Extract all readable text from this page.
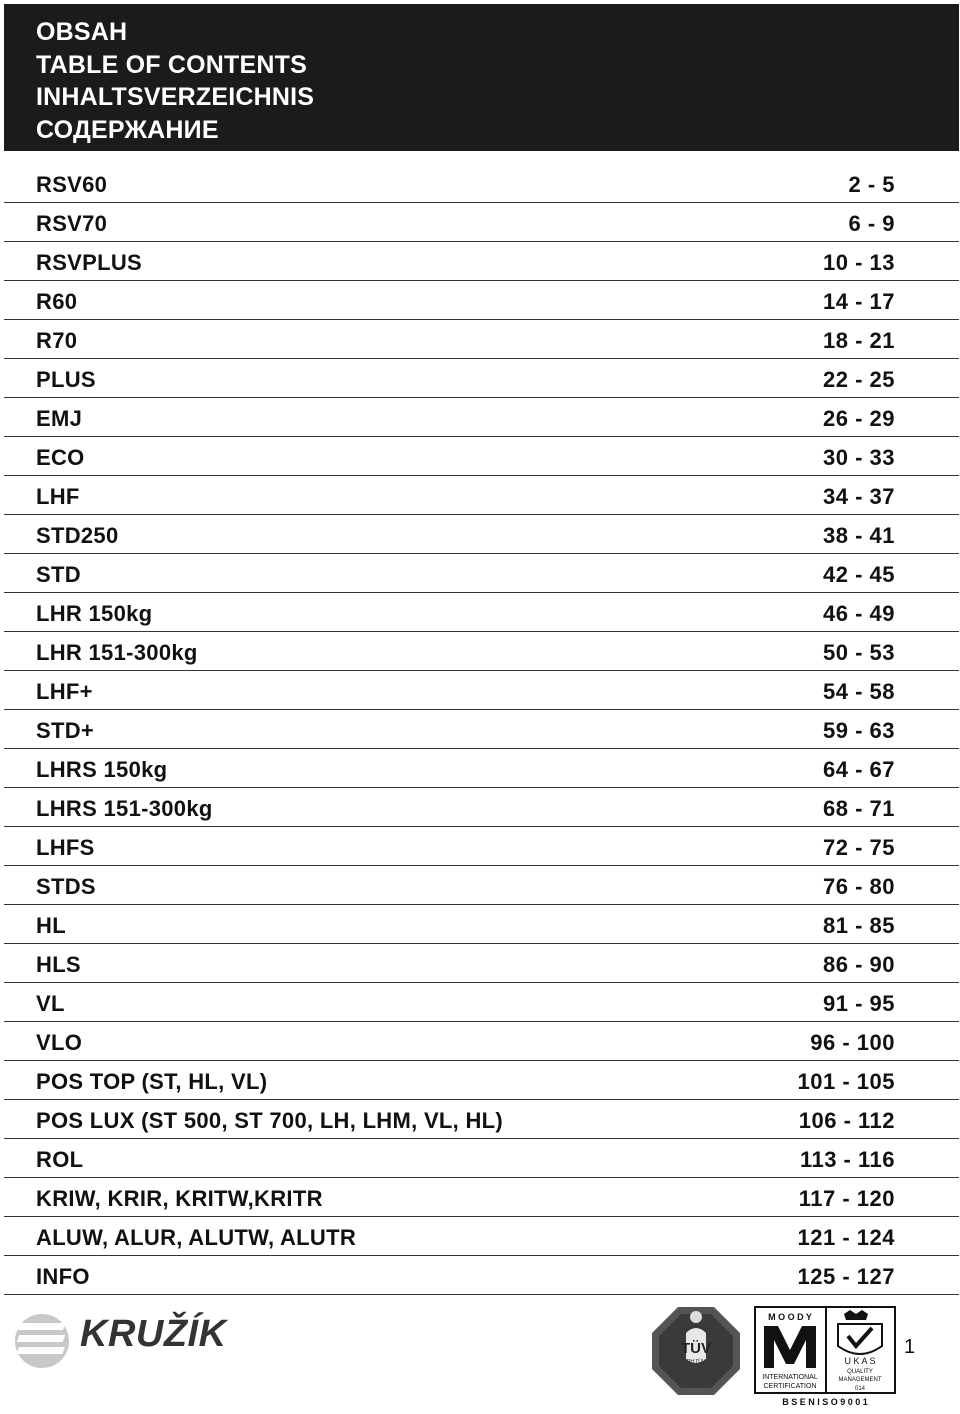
OBSAH
TABLE OF CONTENTS
INHALTSVERZEICHNIS
СОДЕРЖАНИЕ
RSV60	2 - 5
RSV70	6 - 9
RSVPLUS	10 - 13
R60	14 - 17
R70	18 - 21
PLUS	22 - 25
EMJ	26 - 29
ECO	30 - 33
LHF	34 - 37
STD250	38 - 41
STD	42 - 45
LHR 150kg	46 - 49
LHR 151-300kg	50 - 53
LHF+	54 - 58
STD+	59 - 63
LHRS 150kg	64 - 67
LHRS 151-300kg	68 - 71
LHFS	72 - 75
STDS	76 - 80
HL	81 - 85
HLS	86 - 90
VL	91 - 95
VLO	96 - 100
POS TOP (ST, HL, VL)	101 - 105
POS LUX (ST 500, ST 700, LH, LHM, VL, HL)	106 - 112
ROL	113 - 116
KRIW, KRIR, KRITW,KRITR	117 - 120
ALUW, ALUR, ALUTW, ALUTR	121 - 124
INFO	125 - 127
KRUŽÍK	TÜV
RH TÜV
M O O D Y
INTERNATIONAL
CERTIFICATION
U K A S
QUALITY
MANAGEMENT
014
B S E N I S O 9 0 0 1
1
